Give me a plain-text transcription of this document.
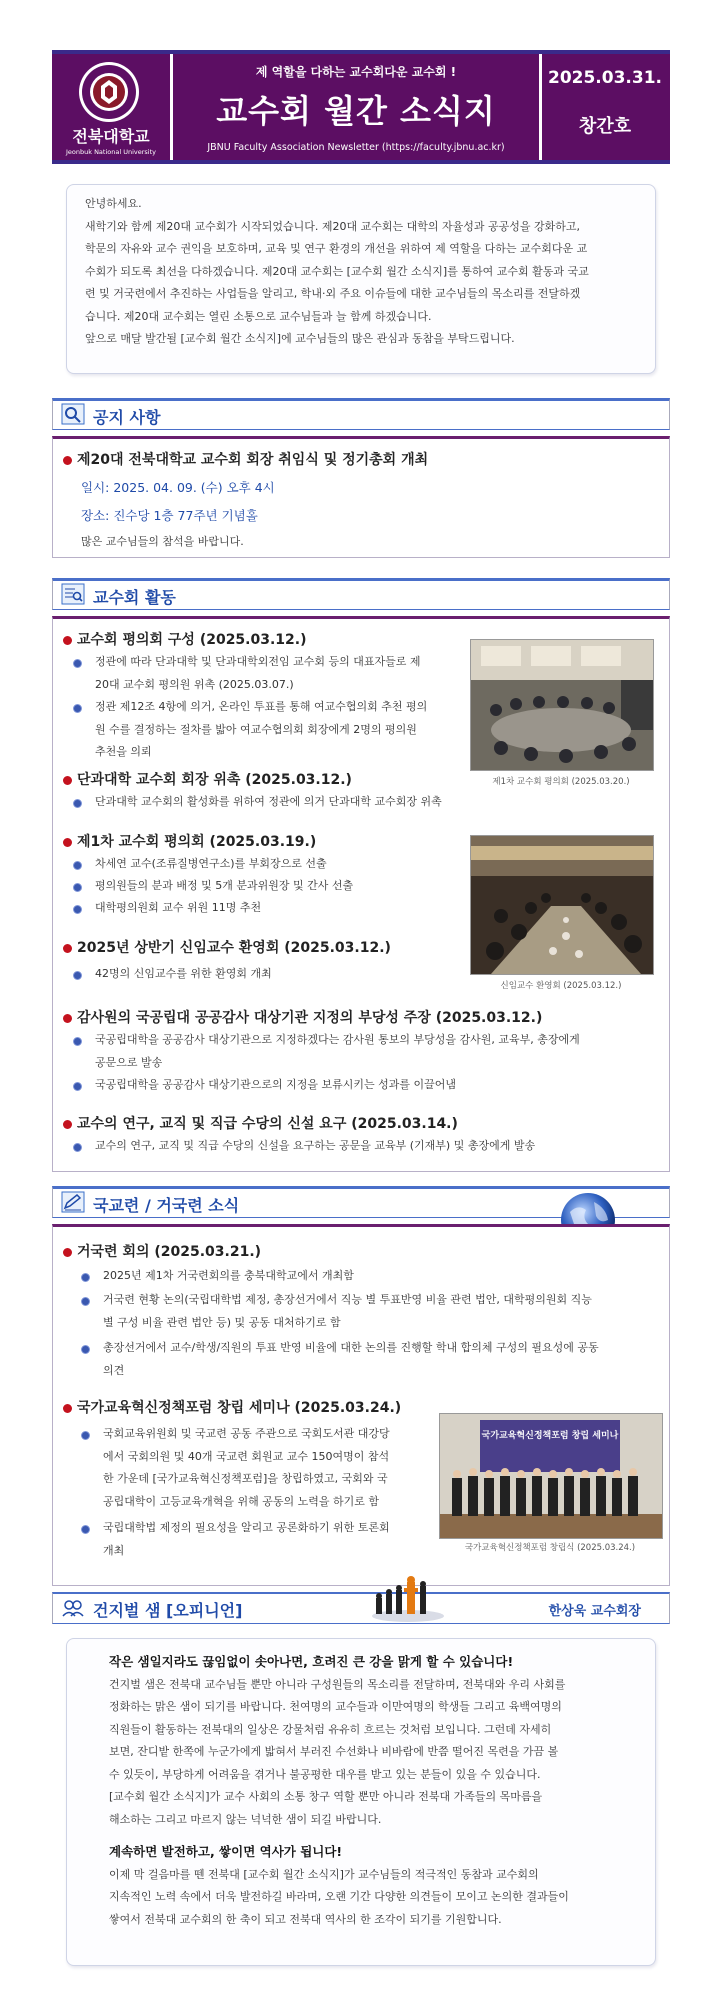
전북대학교
Jeonbuk National University
제 역할을 다하는 교수회다운 교수회 !
교수회 월간 소식지
JBNU Faculty Association Newsletter (https://faculty.jbnu.ac.kr)
2025.03.31.
창간호

안녕하세요.

새학기와 함께 제20대 교수회가 시작되었습니다. 제20대 교수회는 대학의 자율성과 공공성을 강화하고,

학문의 자유와 교수 권익을 보호하며, 교육 및 연구 환경의 개선을 위하여 제 역할을 다하는 교수회다운 교

수회가 되도록 최선을 다하겠습니다. 제20대 교수회는 [교수회 월간 소식지]를 통하여 교수회 활동과 국교

련 및 거국련에서 추진하는 사업들을 알리고, 학내·외 주요 이슈들에 대한 교수님들의 목소리를 전달하겠

습니다. 제20대 교수회는 열린 소통으로 교수님들과 늘 함께 하겠습니다.

앞으로 매달 발간될 [교수회 월간 소식지]에 교수님들의 많은 관심과 동참을 부탁드립니다.

공지 사항
제20대 전북대학교 교수회 회장 취임식 및 정기총회 개최
일시: 2025. 04. 09. (수) 오후 4시
장소: 진수당 1층 77주년 기념홀
많은 교수님들의 참석을 바랍니다.
교수회 활동
교수회 평의회 구성 (2025.03.12.)
정관에 따라 단과대학 및 단과대학외전임 교수회 등의 대표자들로 제
20대 교수회 평의원 위촉 (2025.03.07.)
정관 제12조 4항에 의거, 온라인 투표를 통해 여교수협의회 추천 평의
원 수를 결정하는 절차를 밟아 여교수협의회 회장에게 2명의 평의원
추천을 의뢰
단과대학 교수회 회장 위촉 (2025.03.12.)
단과대학 교수회의 활성화를 위하여 정관에 의거 단과대학 교수회장 위촉
제1차 교수회 평의회 (2025.03.19.)
차세연 교수(조류질병연구소)를 부회장으로 선출
평의원들의 분과 배정 및 5개 분과위원장 및 간사 선출
대학평의원회 교수 위원 11명 추천
2025년 상반기 신임교수 환영회 (2025.03.12.)
42명의 신임교수를 위한 환영회 개최
감사원의 국공립대 공공감사 대상기관 지정의 부당성 주장 (2025.03.12.)
국공립대학을 공공감사 대상기관으로 지정하겠다는 감사원 통보의 부당성을 감사원, 교육부, 총장에게
공문으로 발송
국공립대학을 공공감사 대상기관으로의 지정을 보류시키는 성과를 이끌어냄
교수의 연구, 교직 및 직급 수당의 신설 요구 (2025.03.14.)
교수의 연구, 교직 및 직급 수당의 신설을 요구하는 공문을 교육부 (기재부) 및 총장에게 발송
제1차 교수회 평의회 (2025.03.20.)
신임교수 환영회 (2025.03.12.)
국교련 / 거국련 소식
거국련 회의 (2025.03.21.)
2025년 제1차 거국련회의를 충북대학교에서 개최함
거국련 현황 논의(국립대학법 제정, 총장선거에서 직능 별 투표반영 비율 관련 법안, 대학평의원회 직능
별 구성 비율 관련 법안 등) 및 공동 대처하기로 함
총장선거에서 교수/학생/직원의 투표 반영 비율에 대한 논의를 진행할 학내 합의체 구성의 필요성에 공동
의견
국가교육혁신정책포럼 창립 세미나 (2025.03.24.)
국회교육위원회 및 국교련 공동 주관으로 국회도서관 대강당
에서 국회의원 및 40개 국교련 회원교 교수 150여명이 참석
한 가운데 [국가교육혁신정책포럼]을 창립하였고, 국회와 국
공립대학이 고등교육개혁을 위해 공동의 노력을 하기로 함
국립대학법 제정의 필요성을 알리고 공론화하기 위한 토론회
개최
국가교육혁신정책포럼 창립 세미나
국가교육혁신정책포럼 창립식 (2025.03.24.)
건지벌 샘 [오피니언]	한상욱 교수회장

작은 샘일지라도 끊임없이 솟아나면, 흐려진 큰 강을 맑게 할 수 있습니다!

건지벌 샘은 전북대 교수님들 뿐만 아니라 구성원들의 목소리를 전달하며, 전북대와 우리 사회를

정화하는 맑은 샘이 되기를 바랍니다. 천여명의 교수들과 이만여명의 학생들 그리고 육백여명의

직원들이 활동하는 전북대의 일상은 강물처럼 유유히 흐르는 것처럼 보입니다. 그런데 자세히

보면, 잔디밭 한쪽에 누군가에게 밟혀서 부러진 수선화나 비바람에 반쯤 떨어진 목련을 가끔 볼

수 있듯이, 부당하게 어려움을 겪거나 불공평한 대우를 받고 있는 분들이 있을 수 있습니다.

[교수회 월간 소식지]가 교수 사회의 소통 창구 역할 뿐만 아니라 전북대 가족들의 목마름을

해소하는 그리고 마르지 않는 넉넉한 샘이 되길 바랍니다.

계속하면 발전하고, 쌓이면 역사가 됩니다!

이제 막 걸음마를 뗀 전북대 [교수회 월간 소식지]가 교수님들의 적극적인 동참과 교수회의

지속적인 노력 속에서 더욱 발전하길 바라며, 오랜 기간 다양한 의견들이 모이고 논의한 결과들이

쌓여서 전북대 교수회의 한 축이 되고 전북대 역사의 한 조각이 되기를 기원합니다.
